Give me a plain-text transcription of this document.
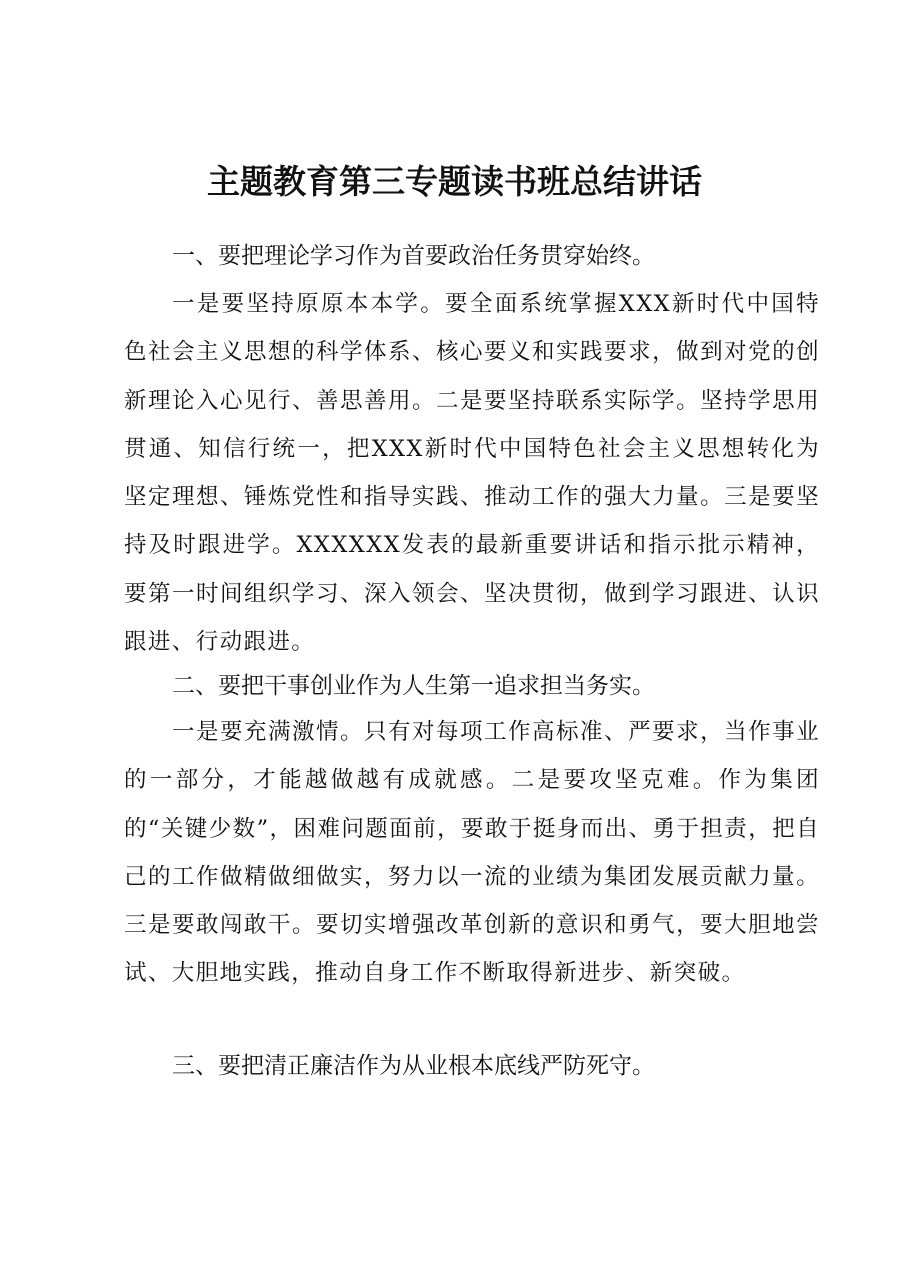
主题教育第三专题读书班总结讲话

一、要把理论学习作为首要政治任务贯穿始终。

一是要坚持原原本本学。要全面系统掌握XXX新时代中国特色社会主义思想的科学体系、核心要义和实践要求，做到对党的创新理论入心见行、善思善用。二是要坚持联系实际学。坚持学思用贯通、知信行统一，把XXX新时代中国特色社会主义思想转化为坚定理想、锤炼党性和指导实践、推动工作的强大力量。三是要坚持及时跟进学。XXXXXX发表的最新重要讲话和指示批示精神，要第一时间组织学习、深入领会、坚决贯彻，做到学习跟进、认识跟进、行动跟进。

二、要把干事创业作为人生第一追求担当务实。

一是要充满激情。只有对每项工作高标准、严要求，当作事业的一部分，才能越做越有成就感。二是要攻坚克难。作为集团的“关键少数”，困难问题面前，要敢于挺身而出、勇于担责，把自己的工作做精做细做实，努力以一流的业绩为集团发展贡献力量。三是要敢闯敢干。要切实增强改革创新的意识和勇气，要大胆地尝试、大胆地实践，推动自身工作不断取得新进步、新突破。

三、要把清正廉洁作为从业根本底线严防死守。
